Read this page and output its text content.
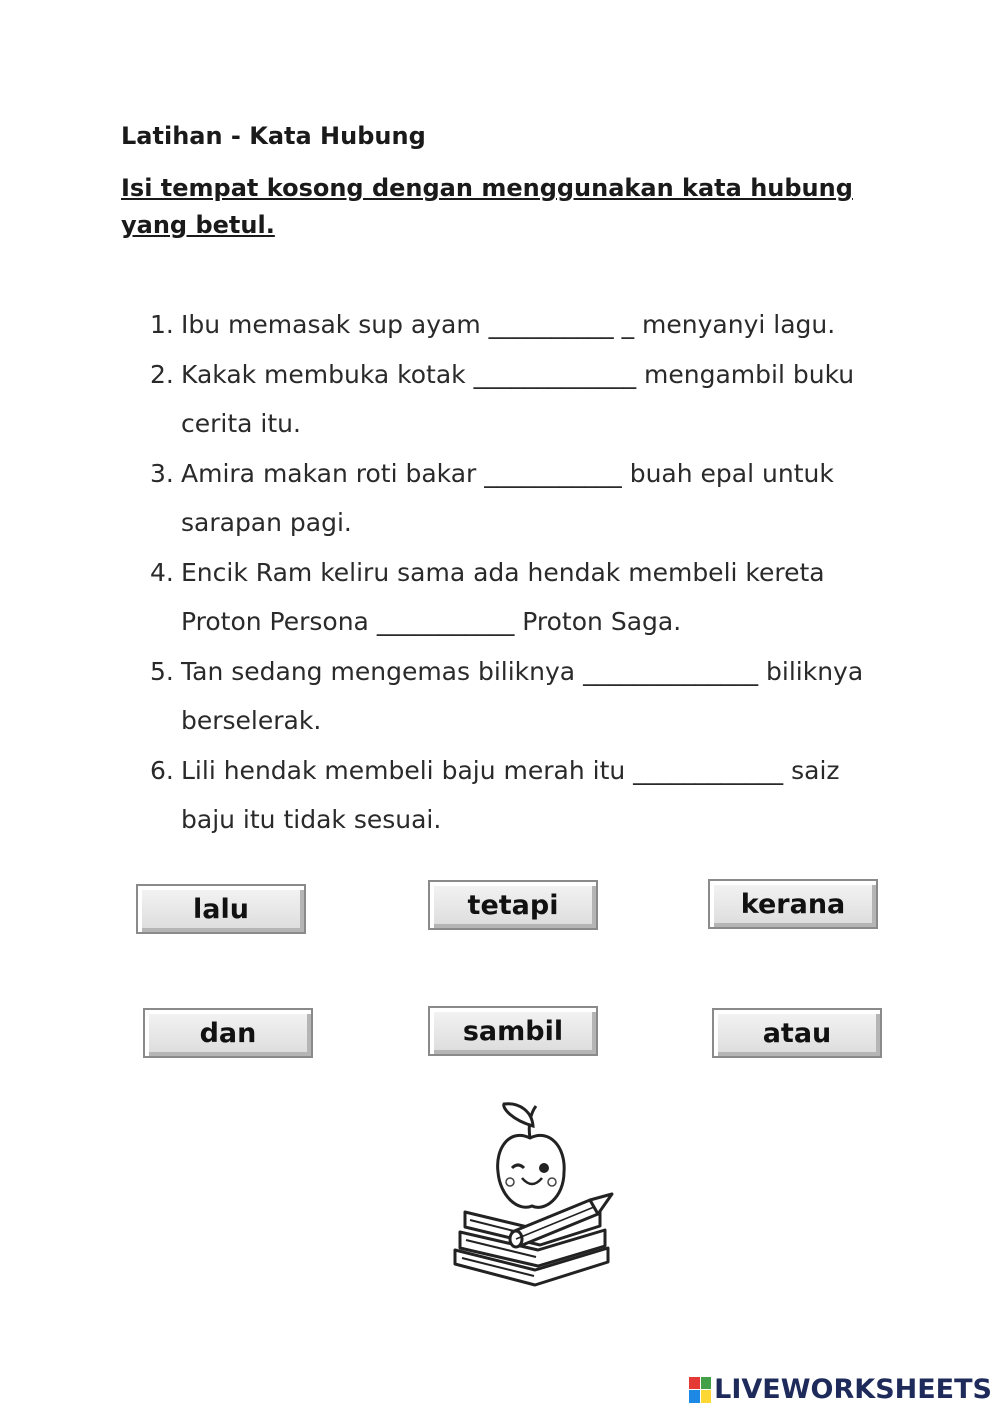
Latihan - Kata Hubung

Isi tempat kosong dengan menggunakan kata hubung yang betul.

1. Ibu memasak sup ayam __________ _ menyanyi lagu.
2. Kakak membuka kotak _____________ mengambil buku cerita itu.
3. Amira makan roti bakar ___________ buah epal untuk sarapan pagi.
4. Encik Ram keliru sama ada hendak membeli kereta Proton Persona ___________ Proton Saga.
5. Tan sedang mengemas biliknya ______________ biliknya berselerak.
6. Lili hendak membeli baju merah itu ____________ saiz baju itu tidak sesuai.
lalu	tetapi	kerana
dan	sambil	atau
LIVEWORKSHEETS
